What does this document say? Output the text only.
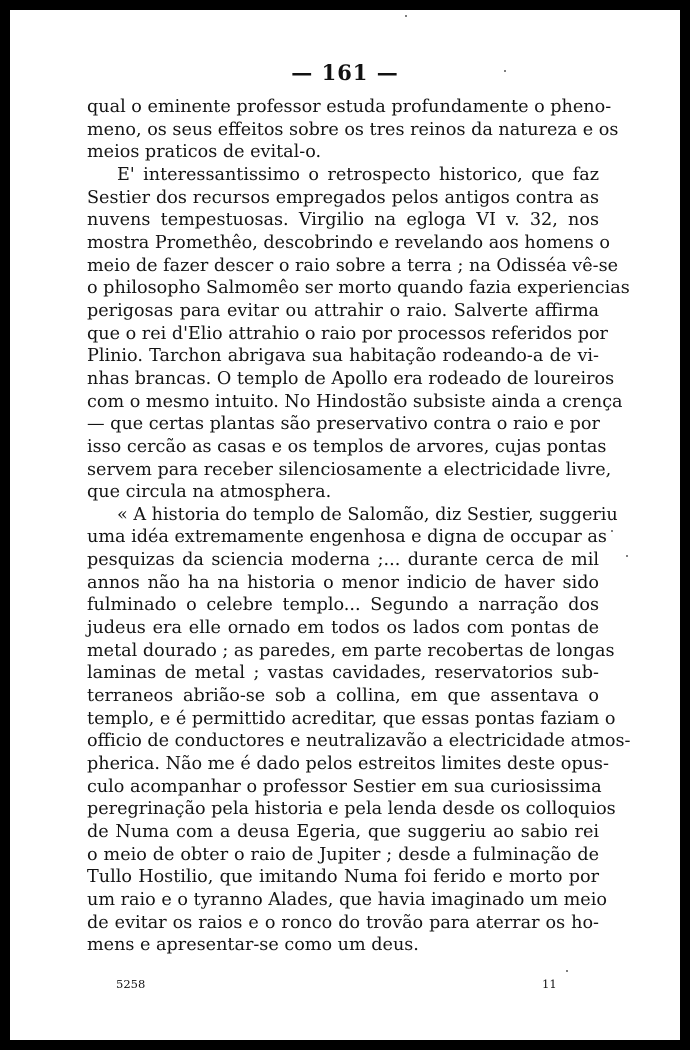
— 161 —
qual o eminente professor estuda profundamente o pheno-
meno, os seus effeitos sobre os tres reinos da natureza e os
meios praticos de evital-o.
E' interessantissimo o retrospecto historico, que faz
Sestier dos recursos empregados pelos antigos contra as
nuvens tempestuosas. Virgilio na egloga VI v. 32, nos
mostra Promethêo, descobrindo e revelando aos homens o
meio de fazer descer o raio sobre a terra ; na Odisséa vê-se
o philosopho Salmomêo ser morto quando fazia experiencias
perigosas para evitar ou attrahir o raio. Salverte affirma
que o rei d'Elio attrahio o raio por processos referidos por
Plinio. Tarchon abrigava sua habitação rodeando-a de vi-
nhas brancas. O templo de Apollo era rodeado de loureiros
com o mesmo intuito. No Hindostão subsiste ainda a crença
— que certas plantas são preservativo contra o raio e por
isso cercão as casas e os templos de arvores, cujas pontas
servem para receber silenciosamente a electricidade livre,
que circula na atmosphera.
« A historia do templo de Salomão, diz Sestier, suggeriu
uma idéa extremamente engenhosa e digna de occupar as
pesquizas da sciencia moderna ;... durante cerca de mil
annos não ha na historia o menor indicio de haver sido
fulminado o celebre templo... Segundo a narração dos
judeus era elle ornado em todos os lados com pontas de
metal dourado ; as paredes, em parte recobertas de longas
laminas de metal ; vastas cavidades, reservatorios sub-
terraneos abrião-se sob a collina, em que assentava o
templo, e é permittido acreditar, que essas pontas faziam o
officio de conductores e neutralizavão a electricidade atmos-
pherica. Não me é dado pelos estreitos limites deste opus-
culo acompanhar o professor Sestier em sua curiosissima
peregrinação pela historia e pela lenda desde os colloquios
de Numa com a deusa Egeria, que suggeriu ao sabio rei
o meio de obter o raio de Jupiter ; desde a fulminação de
Tullo Hostilio, que imitando Numa foi ferido e morto por
um raio e o tyranno Alades, que havia imaginado um meio
de evitar os raios e o ronco do trovão para aterrar os ho-
mens e apresentar-se como um deus.
5258	11
